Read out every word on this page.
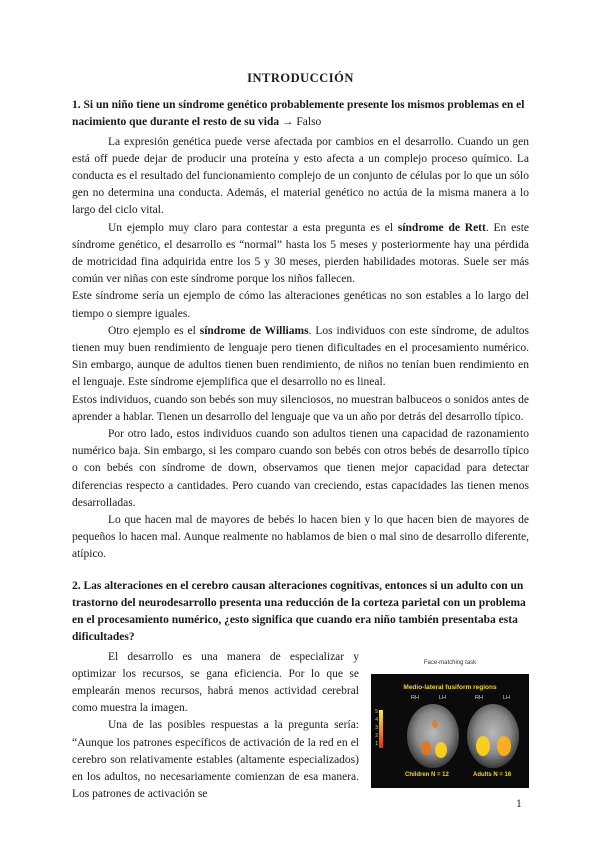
INTRODUCCIÓN
1. Si un niño tiene un síndrome genético probablemente presente los mismos problemas en el nacimiento que durante el resto de su vida → Falso

La expresión genética puede verse afectada por cambios en el desarrollo. Cuando un gen está off puede dejar de producir una proteína y esto afecta a un complejo proceso químico. La conducta es el resultado del funcionamiento complejo de un conjunto de células por lo que un sólo gen no determina una conducta. Además, el material genético no actúa de la misma manera a lo largo del ciclo vital.

Un ejemplo muy claro para contestar a esta pregunta es el síndrome de Rett. En este síndrome genético, el desarrollo es “normal” hasta los 5 meses y posteriormente hay una pérdida de motricidad fina adquirida entre los 5 y 30 meses, pierden habilidades motoras. Suele ser más común ver niñas con este síndrome porque los niños fallecen.

Este síndrome sería un ejemplo de cómo las alteraciones genéticas no son estables a lo largo del tiempo o siempre iguales.

Otro ejemplo es el síndrome de Williams. Los individuos con este síndrome, de adultos tienen muy buen rendimiento de lenguaje pero tienen dificultades en el procesamiento numérico. Sin embargo, aunque de adultos tienen buen rendimiento, de niños no tenían buen rendimiento en el lenguaje. Este síndrome ejemplifica que el desarrollo no es lineal.

Estos individuos, cuando son bebés son muy silenciosos, no muestran balbuceos o sonidos antes de aprender a hablar. Tienen un desarrollo del lenguaje que va un año por detrás del desarrollo típico.

Por otro lado, estos individuos cuando son adultos tienen una capacidad de razonamiento numérico baja. Sin embargo, si les comparo cuando son bebés con otros bebés de desarrollo típico o con bebés con síndrome de down, observamos que tienen mejor capacidad para detectar diferencias respecto a cantidades. Pero cuando van creciendo, estas capacidades las tienen menos desarrolladas.

Lo que hacen mal de mayores de bebés lo hacen bien y lo que hacen bien de mayores de pequeños lo hacen mal. Aunque realmente no hablamos de bien o mal sino de desarrollo diferente, atípico.

2. Las alteraciones en el cerebro causan alteraciones cognitivas, entonces si un adulto con un trastorno del neurodesarrollo presenta una reducción de la corteza parietal con un problema en el procesamiento numérico, ¿esto significa que cuando era niño también presentaba esta dificultades?
Face-matching task
Medio-lateral fusiform regions
RH	LH	RH	LH
5
4
3
2
1
Children N = 12	Adults N = 16

El desarrollo es una manera de especializar y optimizar los recursos, se gana eficiencia. Por lo que se emplearán menos recursos, habrá menos actividad cerebral como muestra la imagen.

Una de las posibles respuestas a la pregunta sería: “Aunque los patrones específicos de activación de la red en el cerebro son relativamente estables (altamente especializados) en los adultos, no necesariamente comienzan de esa manera. Los patrones de activación se

1
